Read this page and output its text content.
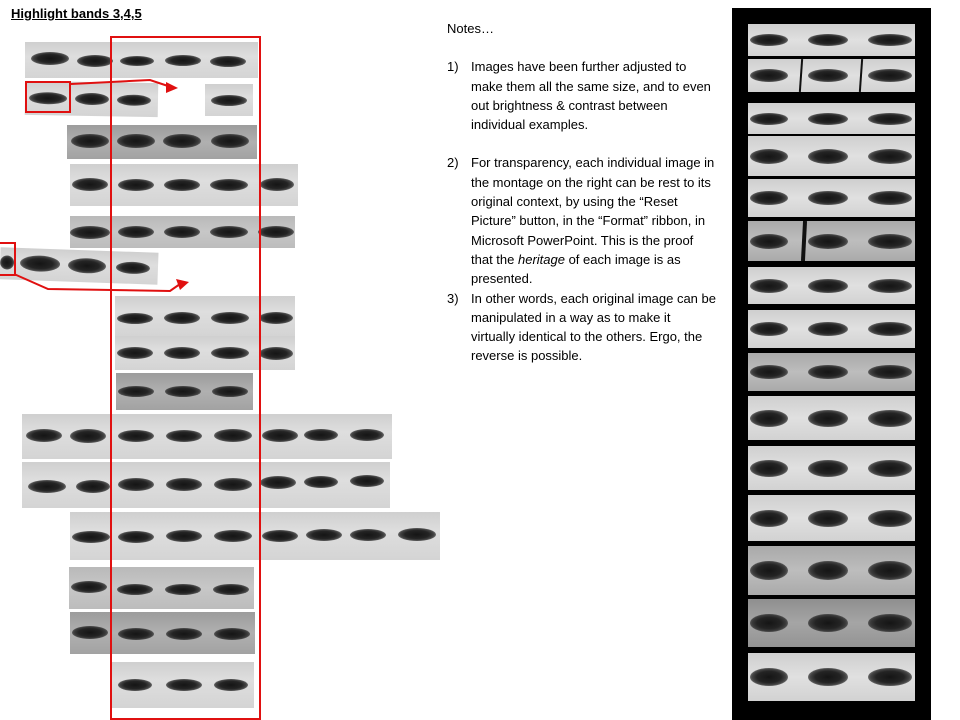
Highlight bands 3,4,5
Notes…
1) Images have been further adjusted to make them all the same size, and to even out brightness & contrast between individual examples.
2) For transparency, each individual image in the montage on the right can be rest to its original context, by using the “Reset Picture” button, in the “Format” ribbon, in Microsoft PowerPoint. This is the proof that the heritage of each image is as presented.
3) In other words, each original image can be manipulated in a way as to make it virtually identical to the others. Ergo, the reverse is possible.
